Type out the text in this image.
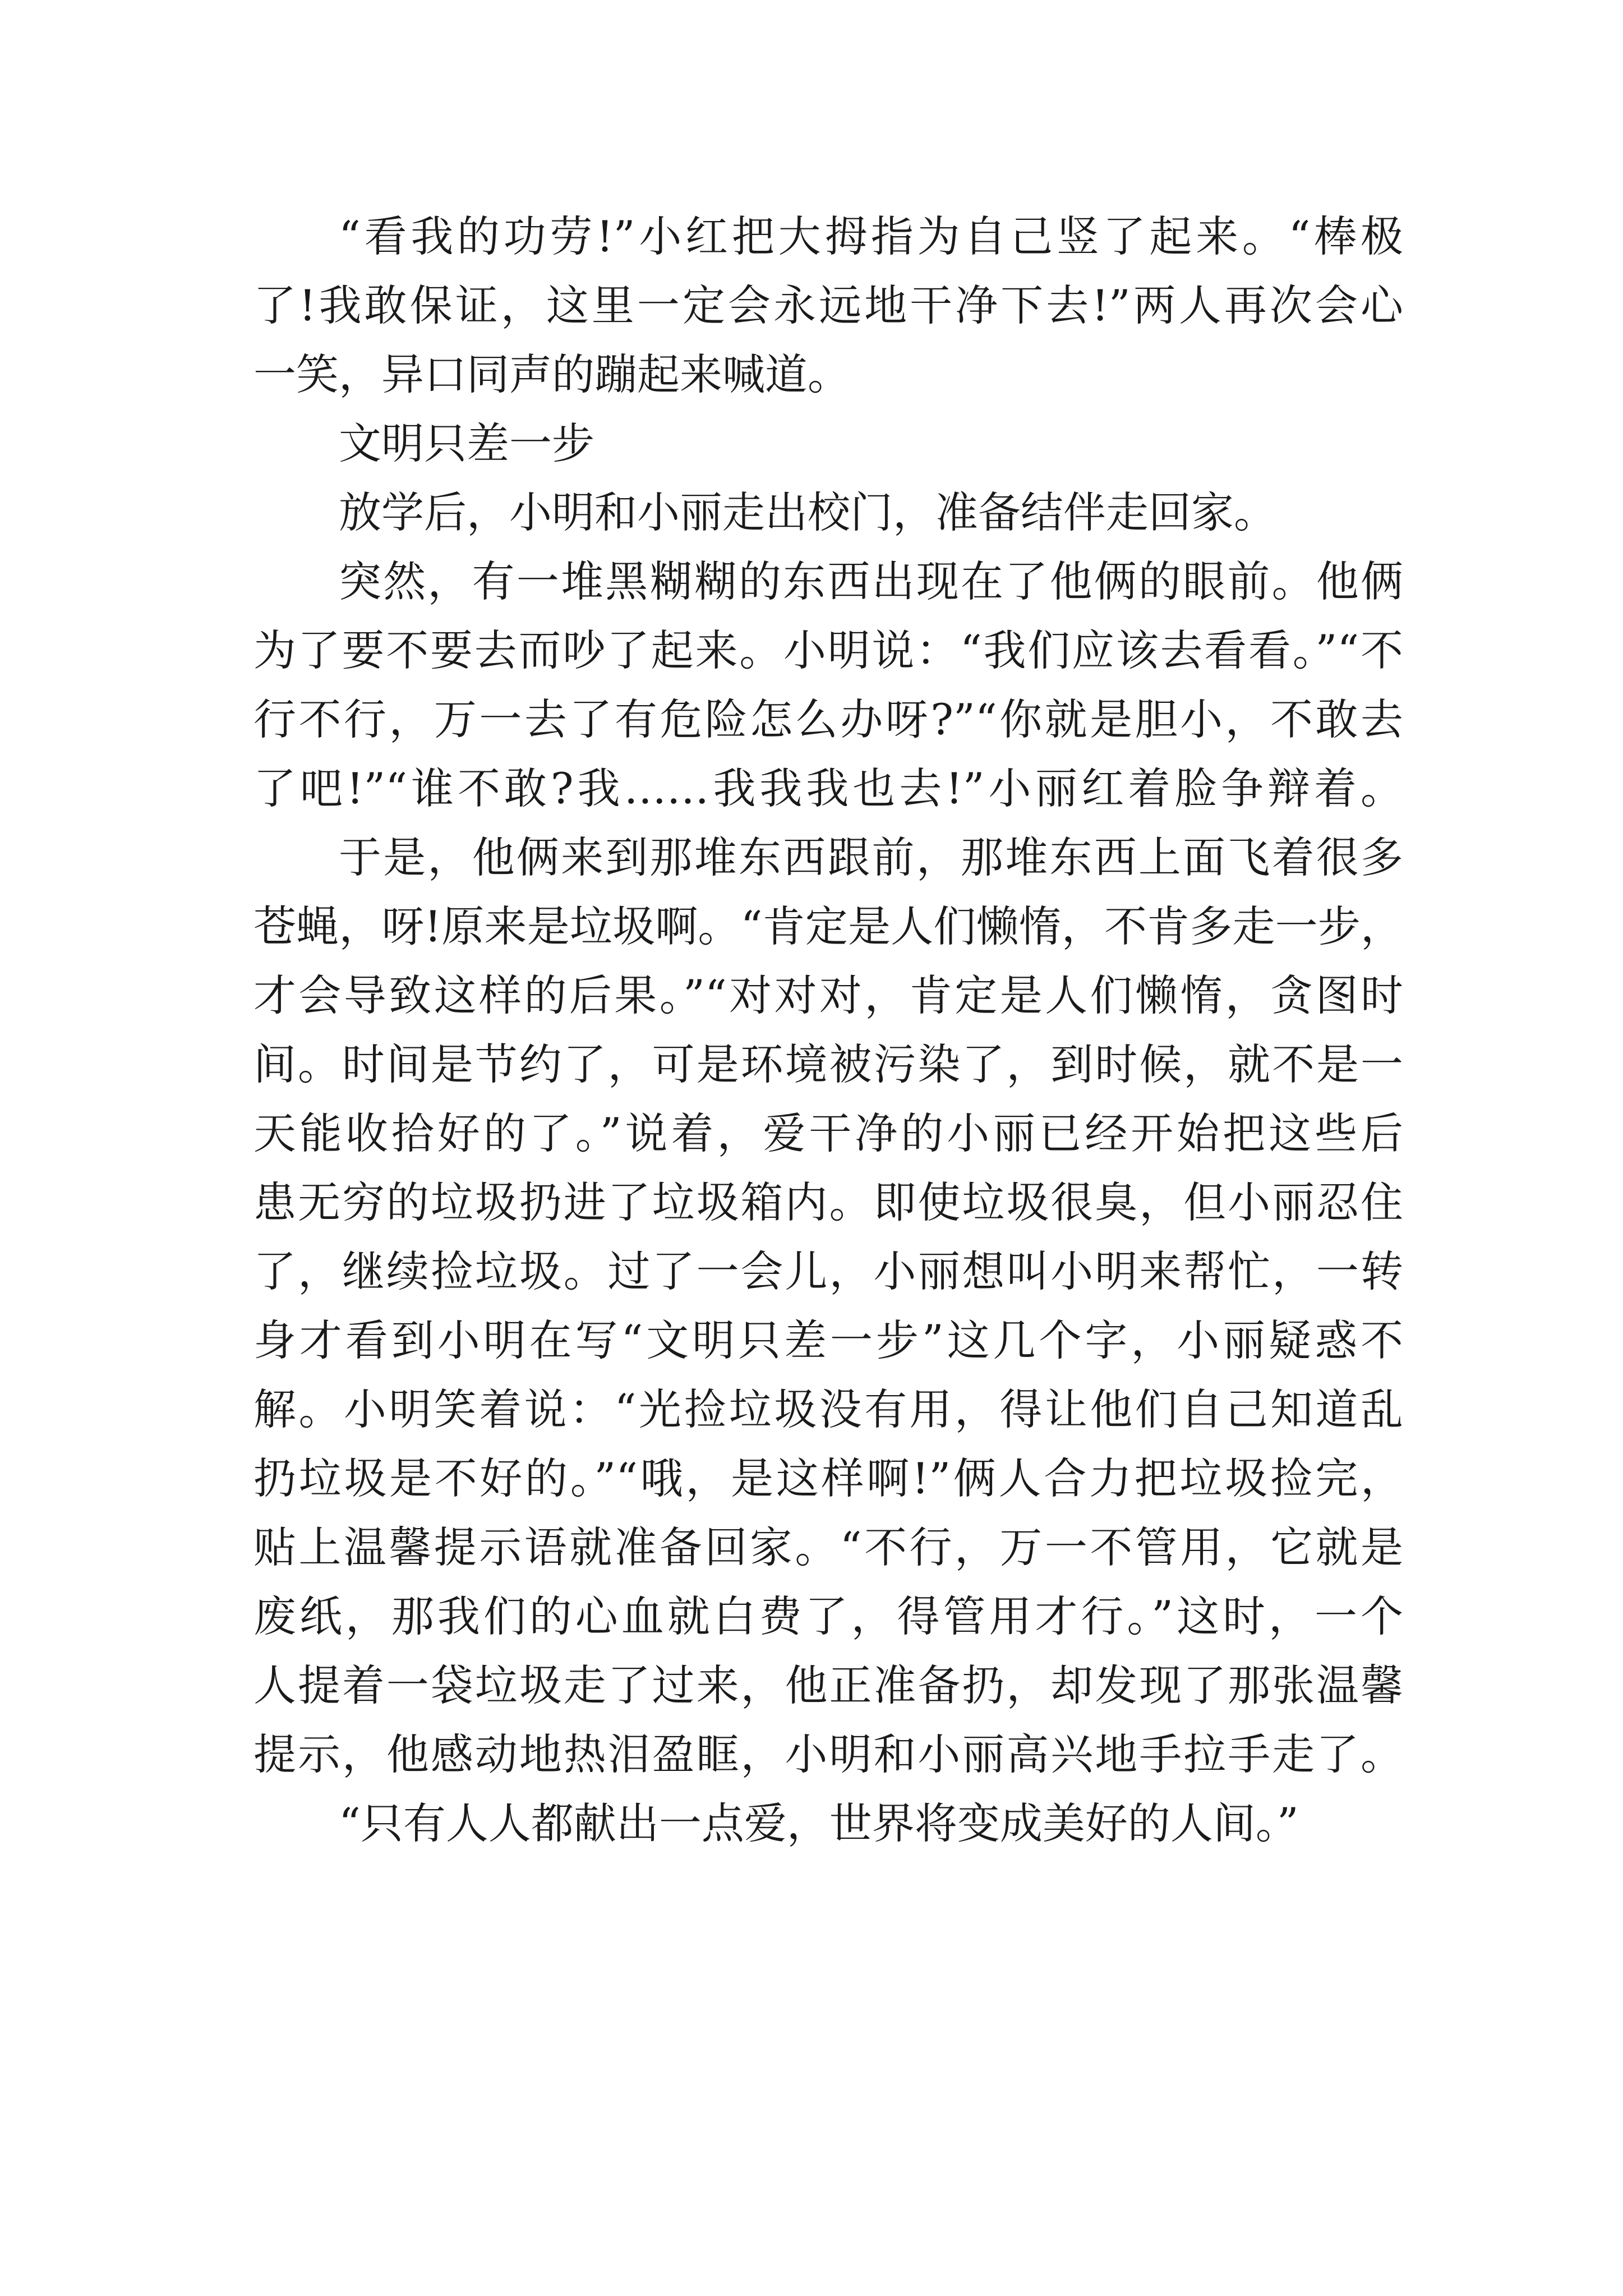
“看我的功劳!”小红把大拇指为自己竖了起来。“棒极
了!我敢保证，这里一定会永远地干净下去!”两人再次会心
一笑，异口同声的蹦起来喊道。
文明只差一步
放学后，小明和小丽走出校门，准备结伴走回家。
突然，有一堆黑糊糊的东西出现在了他俩的眼前。他俩
为了要不要去而吵了起来。小明说：“我们应该去看看。”“不
行不行，万一去了有危险怎么办呀?”“你就是胆小，不敢去
了吧!”“谁不敢?我……我我我也去!”小丽红着脸争辩着。
于是，他俩来到那堆东西跟前，那堆东西上面飞着很多
苍蝇，呀!原来是垃圾啊。“肯定是人们懒惰，不肯多走一步，
才会导致这样的后果。”“对对对，肯定是人们懒惰，贪图时
间。时间是节约了，可是环境被污染了，到时候，就不是一
天能收拾好的了。”说着，爱干净的小丽已经开始把这些后
患无穷的垃圾扔进了垃圾箱内。即使垃圾很臭，但小丽忍住
了，继续捡垃圾。过了一会儿，小丽想叫小明来帮忙，一转
身才看到小明在写“文明只差一步”这几个字，小丽疑惑不
解。小明笑着说：“光捡垃圾没有用，得让他们自己知道乱
扔垃圾是不好的。”“哦，是这样啊!”俩人合力把垃圾捡完，
贴上温馨提示语就准备回家。“不行，万一不管用，它就是
废纸，那我们的心血就白费了，得管用才行。”这时，一个
人提着一袋垃圾走了过来，他正准备扔，却发现了那张温馨
提示，他感动地热泪盈眶，小明和小丽高兴地手拉手走了。
“只有人人都献出一点爱，世界将变成美好的人间。”
